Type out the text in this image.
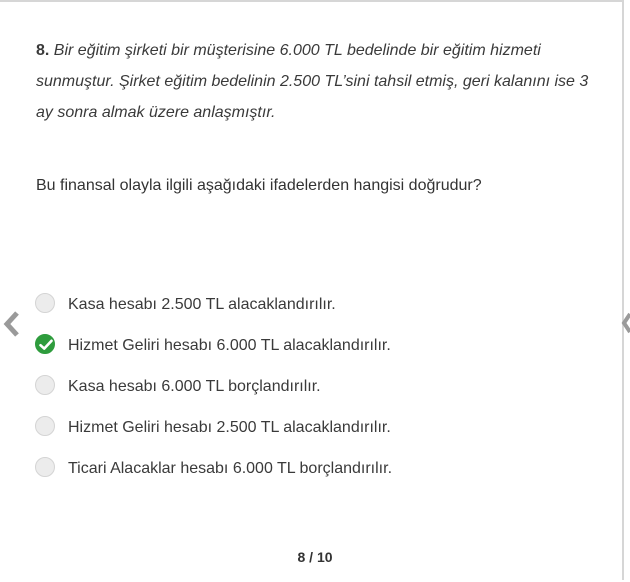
8. Bir eğitim şirketi bir müşterisine 6.000 TL bedelinde bir eğitim hizmeti sunmuştur. Şirket eğitim bedelinin 2.500 TL’sini tahsil etmiş, geri kalanını ise 3 ay sonra almak üzere anlaşmıştır.
Bu finansal olayla ilgili aşağıdaki ifadelerden hangisi doğrudur?
Kasa hesabı 2.500 TL alacaklandırılır.
Hizmet Geliri hesabı 6.000 TL alacaklandırılır.
Kasa hesabı 6.000 TL borçlandırılır.
Hizmet Geliri hesabı 2.500 TL alacaklandırılır.
Ticari Alacaklar hesabı 6.000 TL borçlandırılır.
8 / 10
